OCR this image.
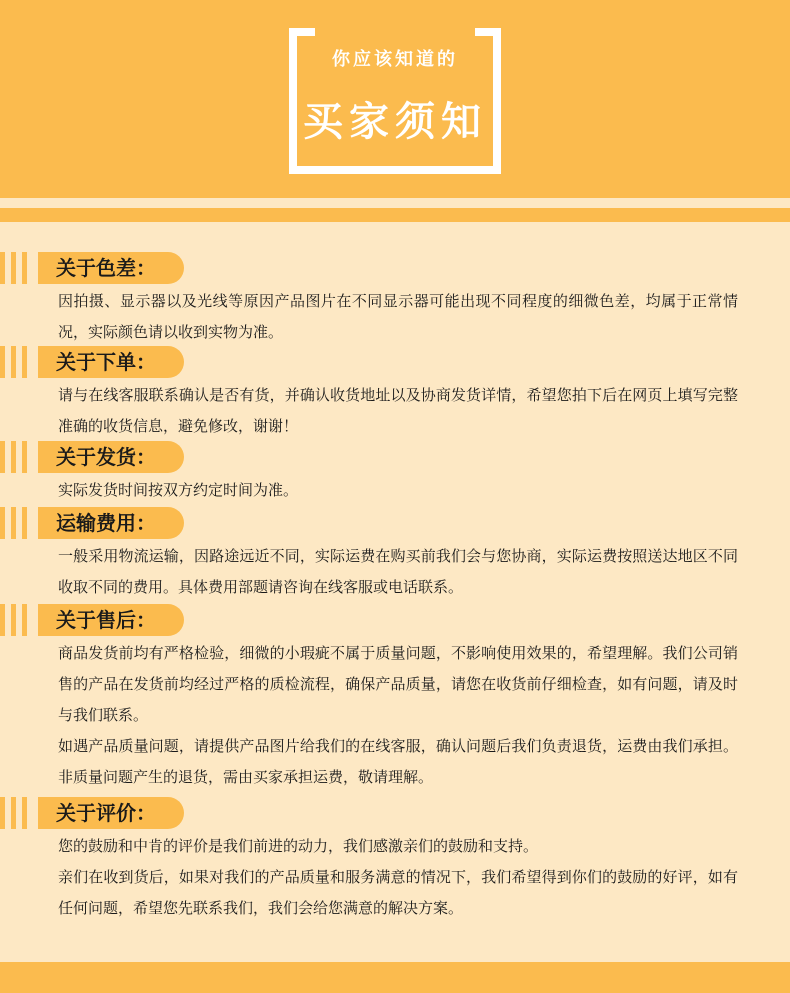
你应该知道的
买家须知
关于色差：

因拍摄、显示器以及光线等原因产品图片在不同显示器可能出现不同程度的细微色差，均属于正常情况，实际颜色请以收到实物为准。

关于下单：

请与在线客服联系确认是否有货，并确认收货地址以及协商发货详情，希望您拍下后在网页上填写完整准确的收货信息，避免修改，谢谢！

关于发货：

实际发货时间按双方约定时间为准。

运输费用：

一般采用物流运输，因路途远近不同，实际运费在购买前我们会与您协商，实际运费按照送达地区不同收取不同的费用。具体费用部题请咨询在线客服或电话联系。

关于售后：

商品发货前均有严格检验，细微的小瑕疵不属于质量问题，不影响使用效果的，希望理解。我们公司销售的产品在发货前均经过严格的质检流程，确保产品质量，请您在收货前仔细检查，如有问题，请及时与我们联系。

如遇产品质量问题，请提供产品图片给我们的在线客服，确认问题后我们负责退货，运费由我们承担。非质量问题产生的退货，需由买家承担运费，敬请理解。

关于评价：

您的鼓励和中肯的评价是我们前进的动力，我们感激亲们的鼓励和支持。

亲们在收到货后，如果对我们的产品质量和服务满意的情况下，我们希望得到你们的鼓励的好评，如有任何问题，希望您先联系我们，我们会给您满意的解决方案。
